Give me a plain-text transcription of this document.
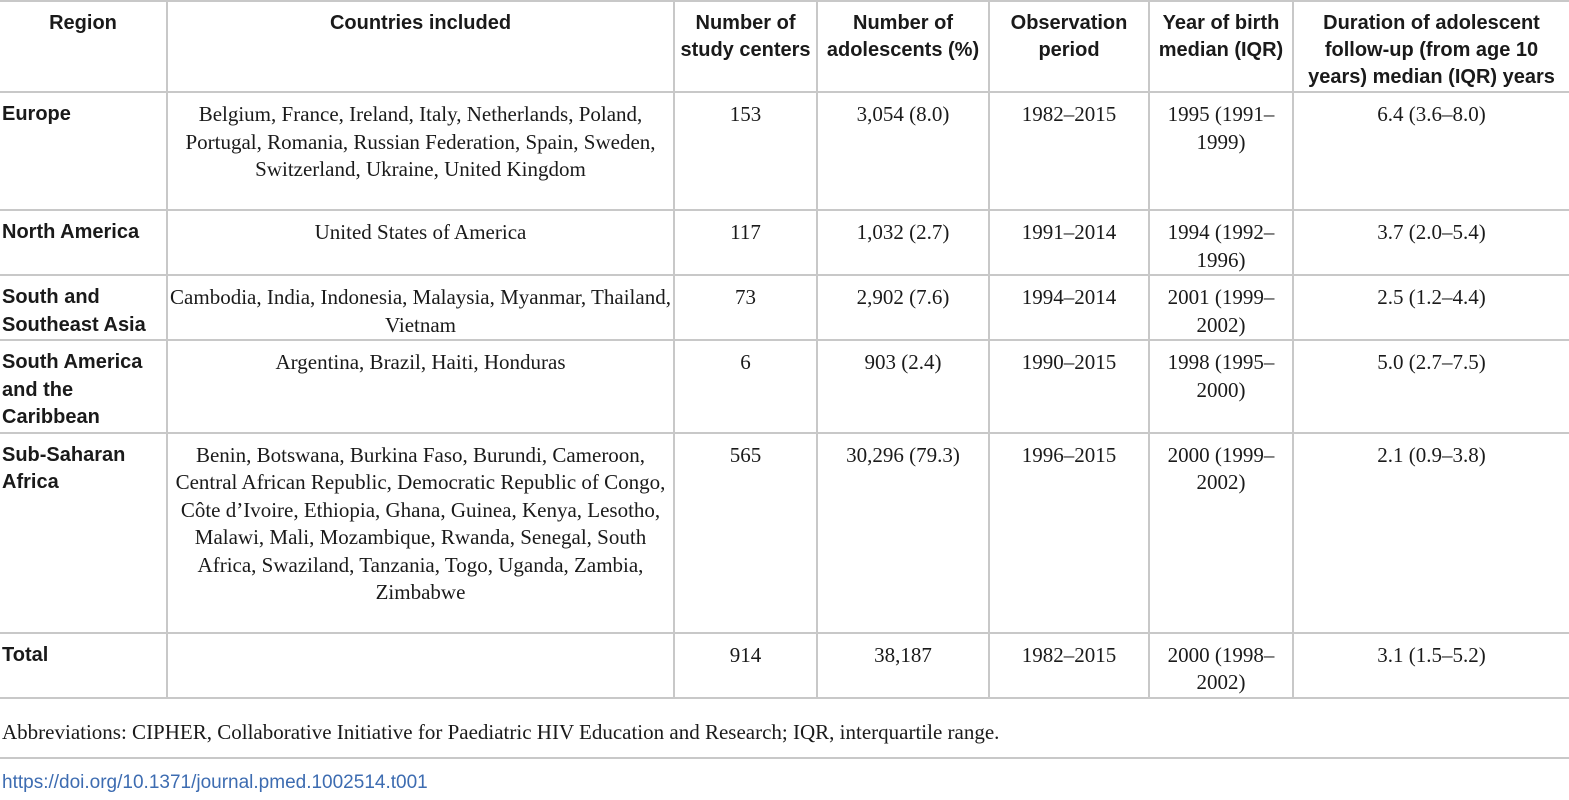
Region	Countries included	Number of study centers	Number of adolescents (%)	Observation period	Year of birth median (IQR)	Duration of adolescent follow-up (from age 10 years) median (IQR) years
Europe	Belgium, France, Ireland, Italy, Netherlands, Poland, Portugal, Romania, Russian Federation, Spain, Sweden, Switzerland, Ukraine, United Kingdom	153	3,054 (8.0)	1982–2015	1995 (1991–1999)	6.4 (3.6–8.0)
North America	United States of America	117	1,032 (2.7)	1991–2014	1994 (1992–1996)	3.7 (2.0–5.4)
South and Southeast Asia	Cambodia, India, Indonesia, Malaysia, Myanmar, Thailand, Vietnam	73	2,902 (7.6)	1994–2014	2001 (1999–2002)	2.5 (1.2–4.4)
South America and the Caribbean	Argentina, Brazil, Haiti, Honduras	6	903 (2.4)	1990–2015	1998 (1995–2000)	5.0 (2.7–7.5)
Sub-Saharan Africa	Benin, Botswana, Burkina Faso, Burundi, Cameroon, Central African Republic, Democratic Republic of Congo, Côte d’Ivoire, Ethiopia, Ghana, Guinea, Kenya, Lesotho, Malawi, Mali, Mozambique, Rwanda, Senegal, South Africa, Swaziland, Tanzania, Togo, Uganda, Zambia, Zimbabwe	565	30,296 (79.3)	1996–2015	2000 (1999–2002)	2.1 (0.9–3.8)
Total		914	38,187	1982–2015	2000 (1998–2002)	3.1 (1.5–5.2)
Abbreviations: CIPHER, Collaborative Initiative for Paediatric HIV Education and Research; IQR, interquartile range.
https://doi.org/10.1371/journal.pmed.1002514.t001
